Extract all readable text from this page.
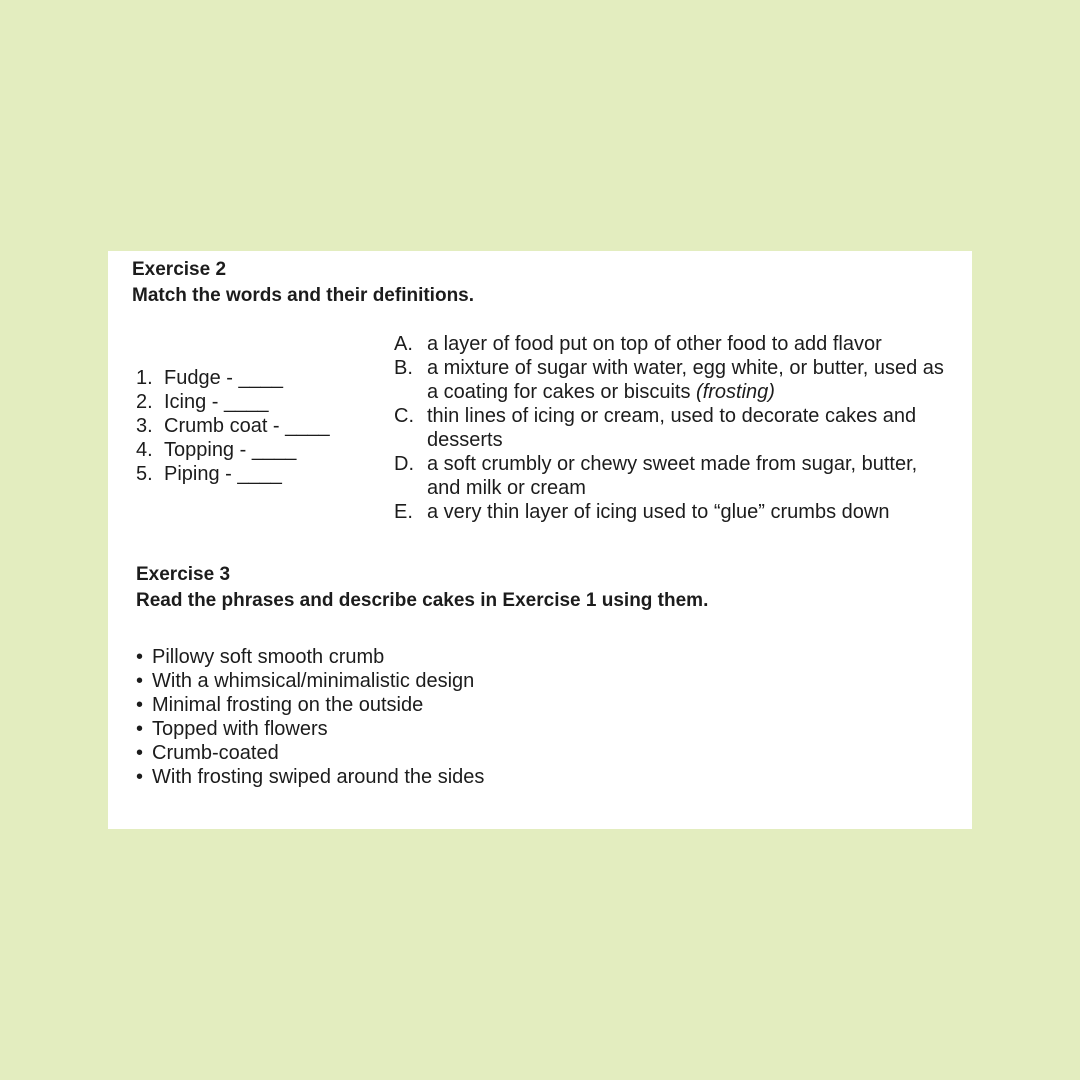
Exercise 2

Match the words and their definitions.

1. Fudge - ____
2. Icing - ____
3. Crumb coat - ____
4. Topping - ____
5. Piping - ____
A. a layer of food put on top of other food to add flavor
B. a mixture of sugar with water, egg white, or butter, used as a coating for cakes or biscuits (frosting)
C. thin lines of icing or cream, used to decorate cakes and desserts
D. a soft crumbly or chewy sweet made from sugar, butter, and milk or cream
E. a very thin layer of icing used to “glue” crumbs down
Exercise 3

Read the phrases and describe cakes in Exercise 1 using them.

• Pillowy soft smooth crumb
• With a whimsical/minimalistic design
• Minimal frosting on the outside
• Topped with flowers
• Crumb-coated
• With frosting swiped around the sides
